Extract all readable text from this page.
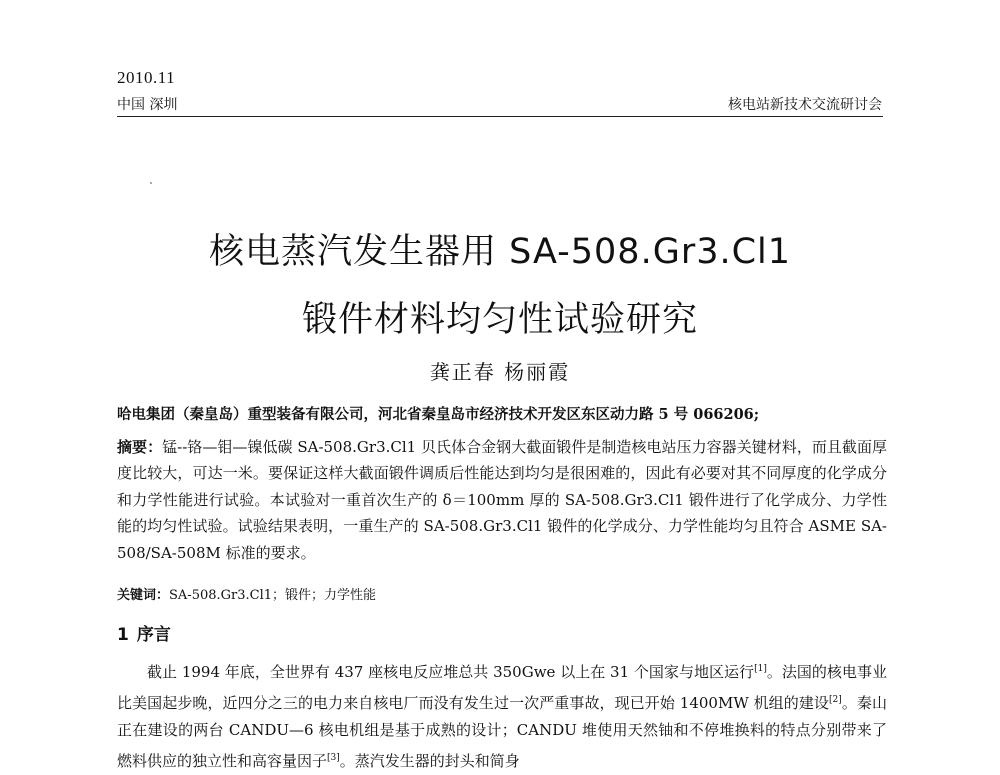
2010.11
中国 深圳	核电站新技术交流研讨会
核电蒸汽发生器用 SA-508.Gr3.Cl1
锻件材料均匀性试验研究
龚正春 杨丽霞
哈电集团（秦皇岛）重型装备有限公司，河北省秦皇岛市经济技术开发区东区动力路 5 号 066206;
摘要：锰--铬—钼—镍低碳 SA-508.Gr3.Cl1 贝氏体合金钢大截面锻件是制造核电站压力容器关键材料，而且截面厚度比较大，可达一米。要保证这样大截面锻件调质后性能达到均匀是很困难的，因此有必要对其不同厚度的化学成分和力学性能进行试验。本试验对一重首次生产的 δ＝100mm 厚的 SA-508.Gr3.Cl1 锻件进行了化学成分、力学性能的均匀性试验。试验结果表明，一重生产的 SA-508.Gr3.Cl1 锻件的化学成分、力学性能均匀且符合 ASME SA-508/SA-508M 标准的要求。
关键词：SA-508.Gr3.Cl1；锻件；力学性能
1 序言

截止 1994 年底，全世界有 437 座核电反应堆总共 350Gwe 以上在 31 个国家与地区运行[1]。法国的核电事业比美国起步晚，近四分之三的电力来自核电厂而没有发生过一次严重事故，现已开始 1400MW 机组的建设[2]。秦山正在建设的两台 CANDU—6 核电机组是基于成熟的设计；CANDU 堆使用天然铀和不停堆换料的特点分别带来了燃料供应的独立性和高容量因子[3]。蒸汽发生器的封头和简身
